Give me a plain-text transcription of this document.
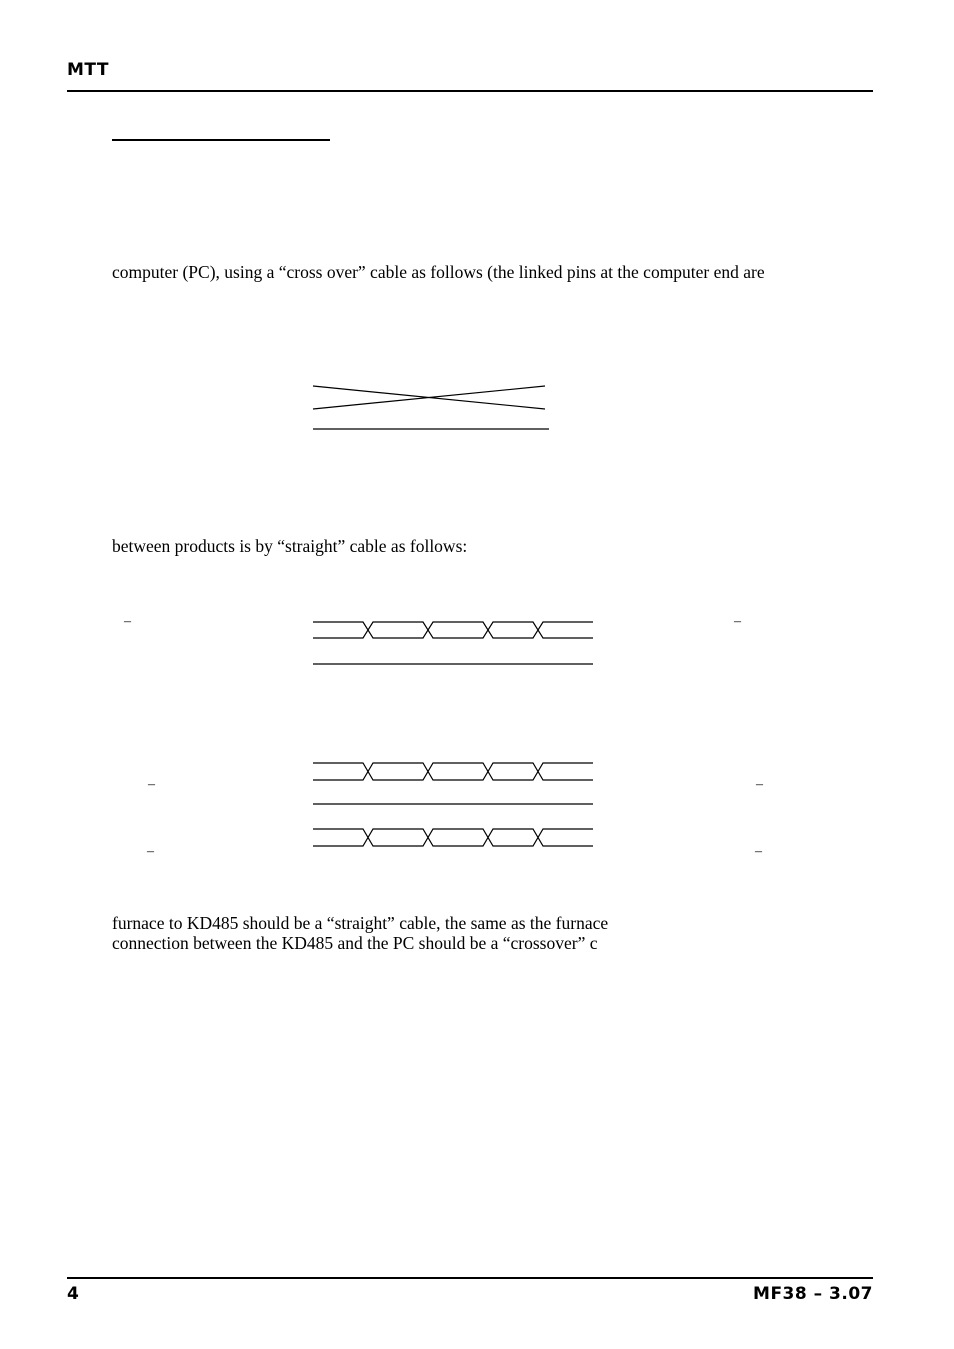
MTT
computer (PC), using a “cross over” cable as follows (the linked pins at the computer end are
–	–
–	–
–	–
between products is by “straight” cable as follows:
furnace to KD485 should be a “straight” cable, the same as the furnace
connection between the KD485 and the PC should be a “crossover” c
4	MF38 – 3.07
